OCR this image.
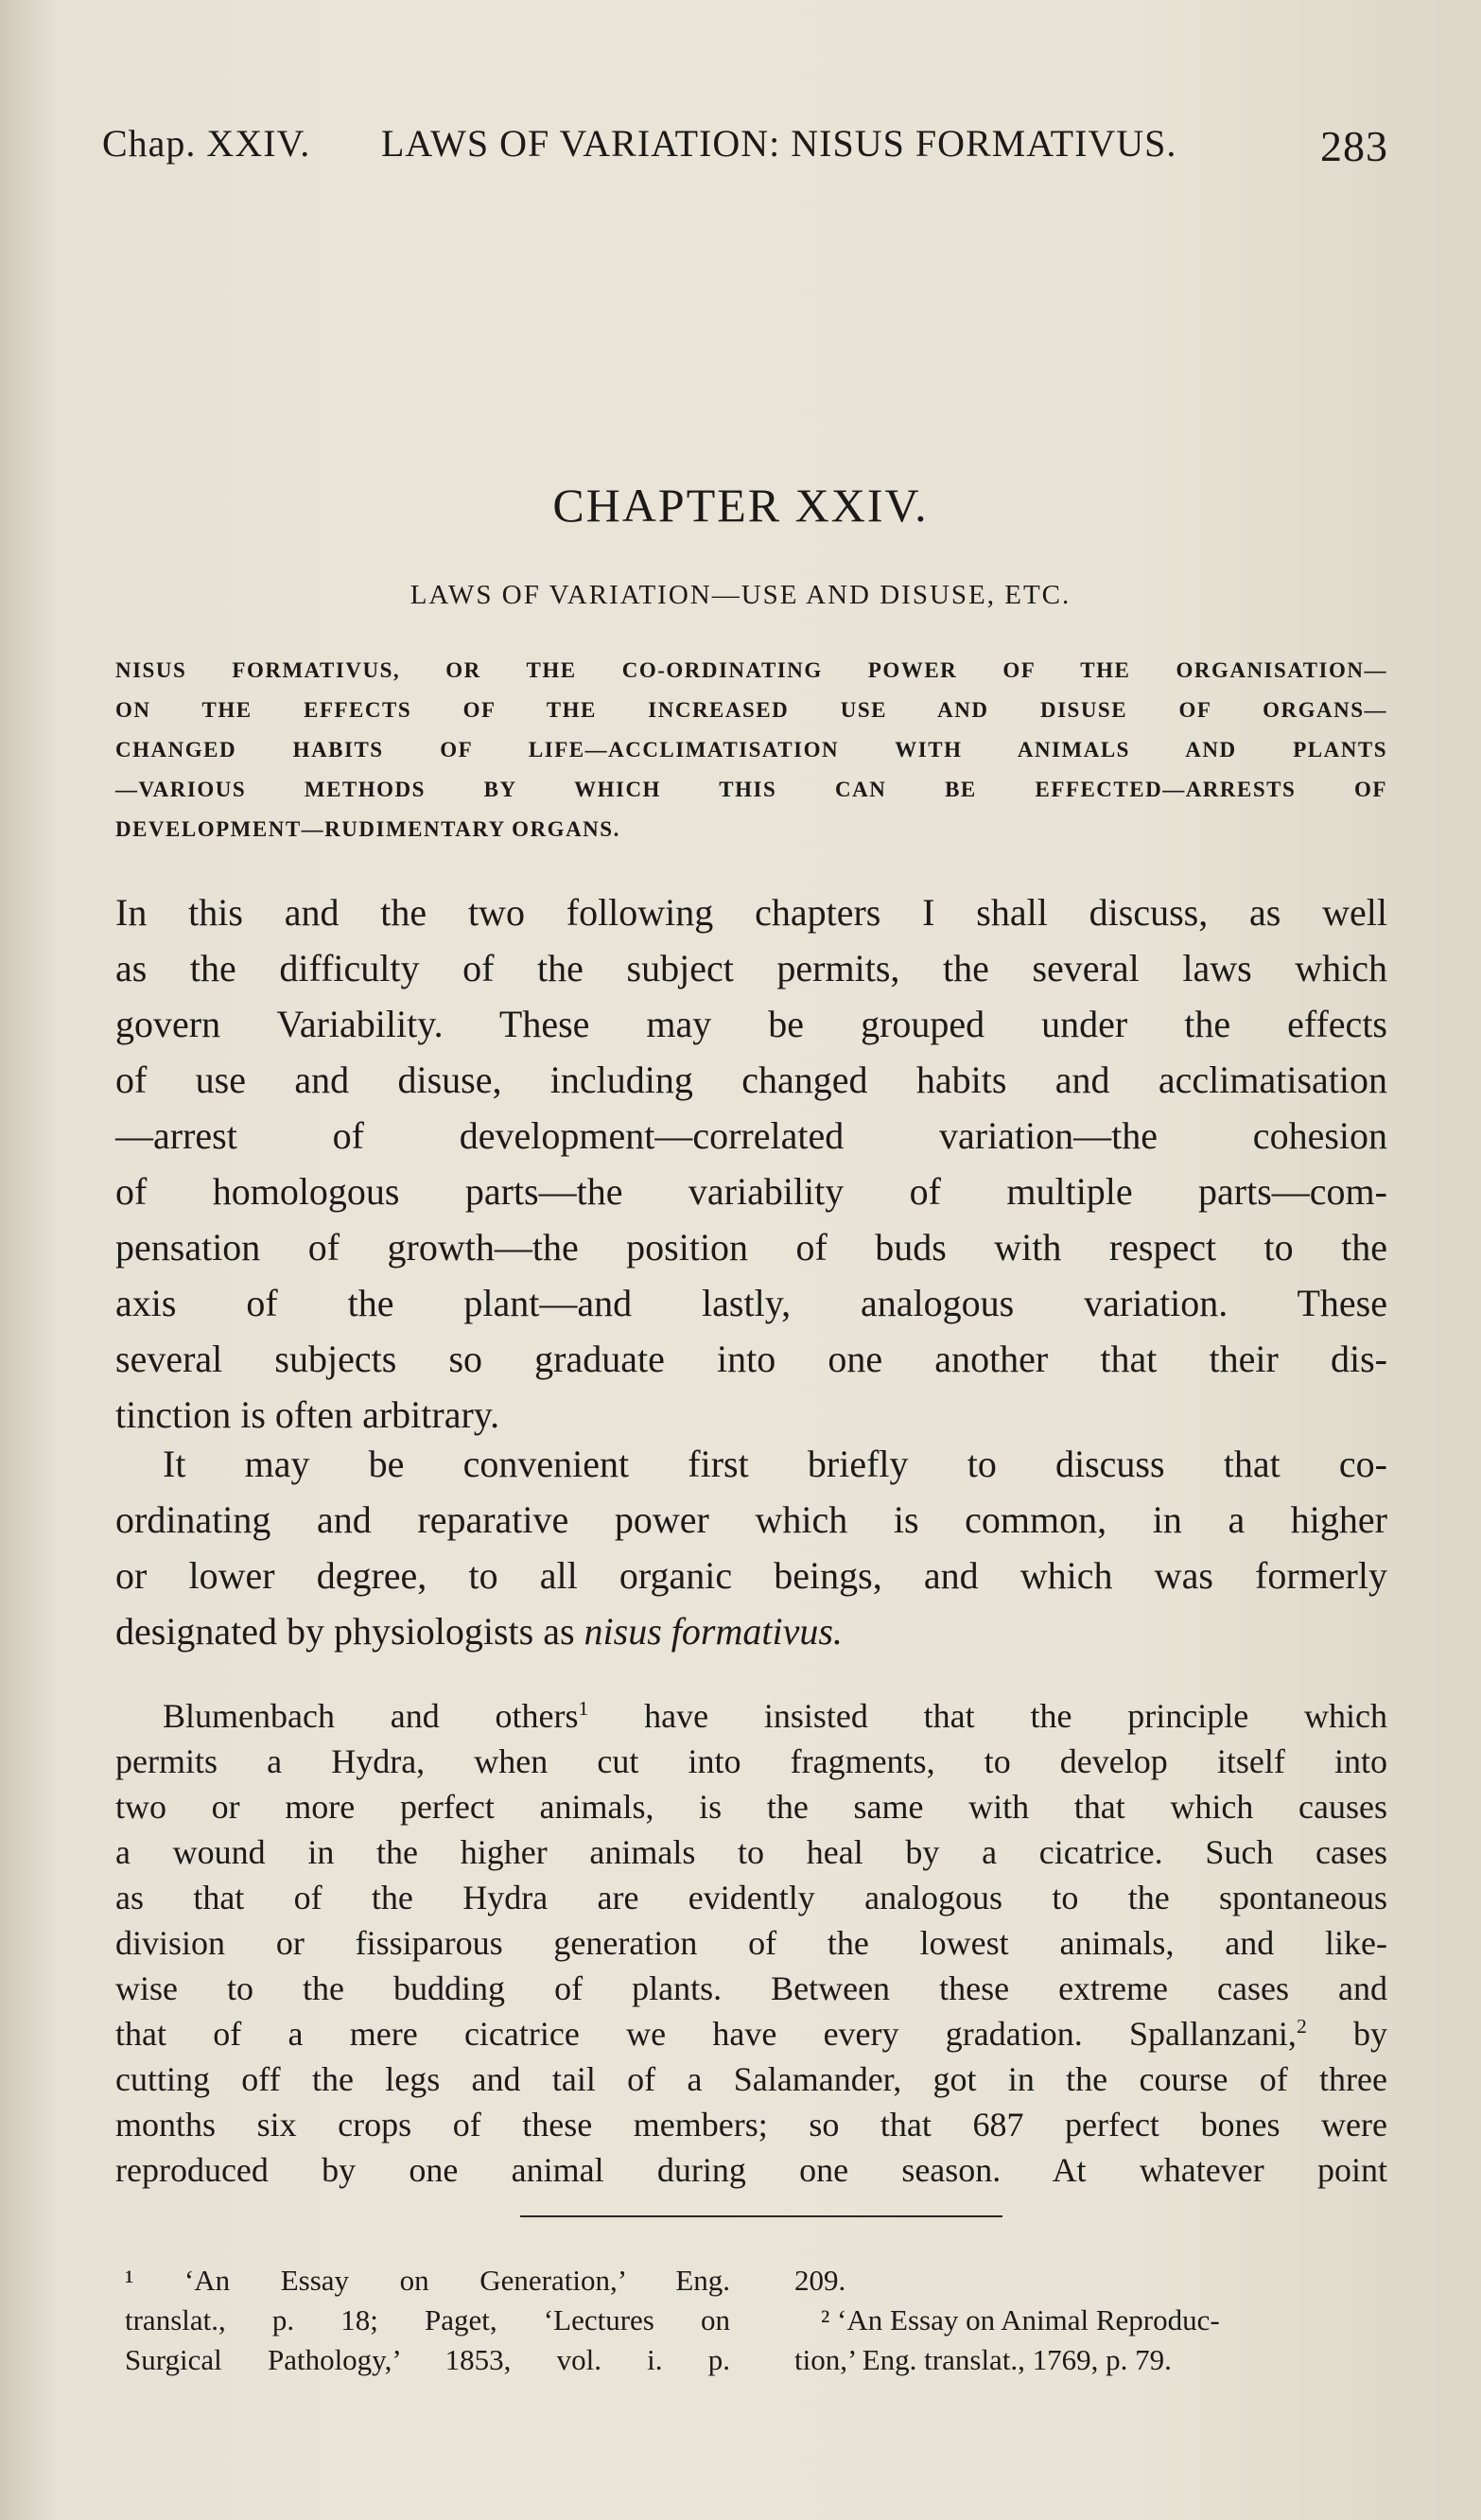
Chap. XXIV. LAWS OF VARIATION: NISUS FORMATIVUS.	283
CHAPTER XXIV.
LAWS OF VARIATION—USE AND DISUSE, ETC.
NISUS FORMATIVUS, OR THE CO-ORDINATING POWER OF THE ORGANISATION—
ON THE EFFECTS OF THE INCREASED USE AND DISUSE OF ORGANS—
CHANGED HABITS OF LIFE—ACCLIMATISATION WITH ANIMALS AND PLANTS
—VARIOUS METHODS BY WHICH THIS CAN BE EFFECTED—ARRESTS OF
DEVELOPMENT—RUDIMENTARY ORGANS.
In this and the two following chapters I shall discuss, as well
as the difficulty of the subject permits, the several laws which
govern Variability. These may be grouped under the effects
of use and disuse, including changed habits and acclimatisation
—arrest of development—correlated variation—the cohesion
of homologous parts—the variability of multiple parts—com-
pensation of growth—the position of buds with respect to the
axis of the plant—and lastly, analogous variation. These
several subjects so graduate into one another that their dis-
tinction is often arbitrary.
It may be convenient first briefly to discuss that co-
ordinating and reparative power which is common, in a higher
or lower degree, to all organic beings, and which was formerly
designated by physiologists as nisus formativus.
Blumenbach and others$^1$ have insisted that the principle which
permits a Hydra, when cut into fragments, to develop itself into
two or more perfect animals, is the same with that which causes
a wound in the higher animals to heal by a cicatrice. Such cases
as that of the Hydra are evidently analogous to the spontaneous
division or fissiparous generation of the lowest animals, and like-
wise to the budding of plants. Between these extreme cases and
that of a mere cicatrice we have every gradation. Spallanzani,$^2$ by
cutting off the legs and tail of a Salamander, got in the course of three
months six crops of these members; so that 687 perfect bones were
reproduced by one animal during one season. At whatever point
¹ ‘An Essay on Generation,’ Eng.
translat., p. 18; Paget, ‘Lectures on
Surgical Pathology,’ 1853, vol. i. p.
209.
² ‘An Essay on Animal Reproduc-
tion,’ Eng. translat., 1769, p. 79.
